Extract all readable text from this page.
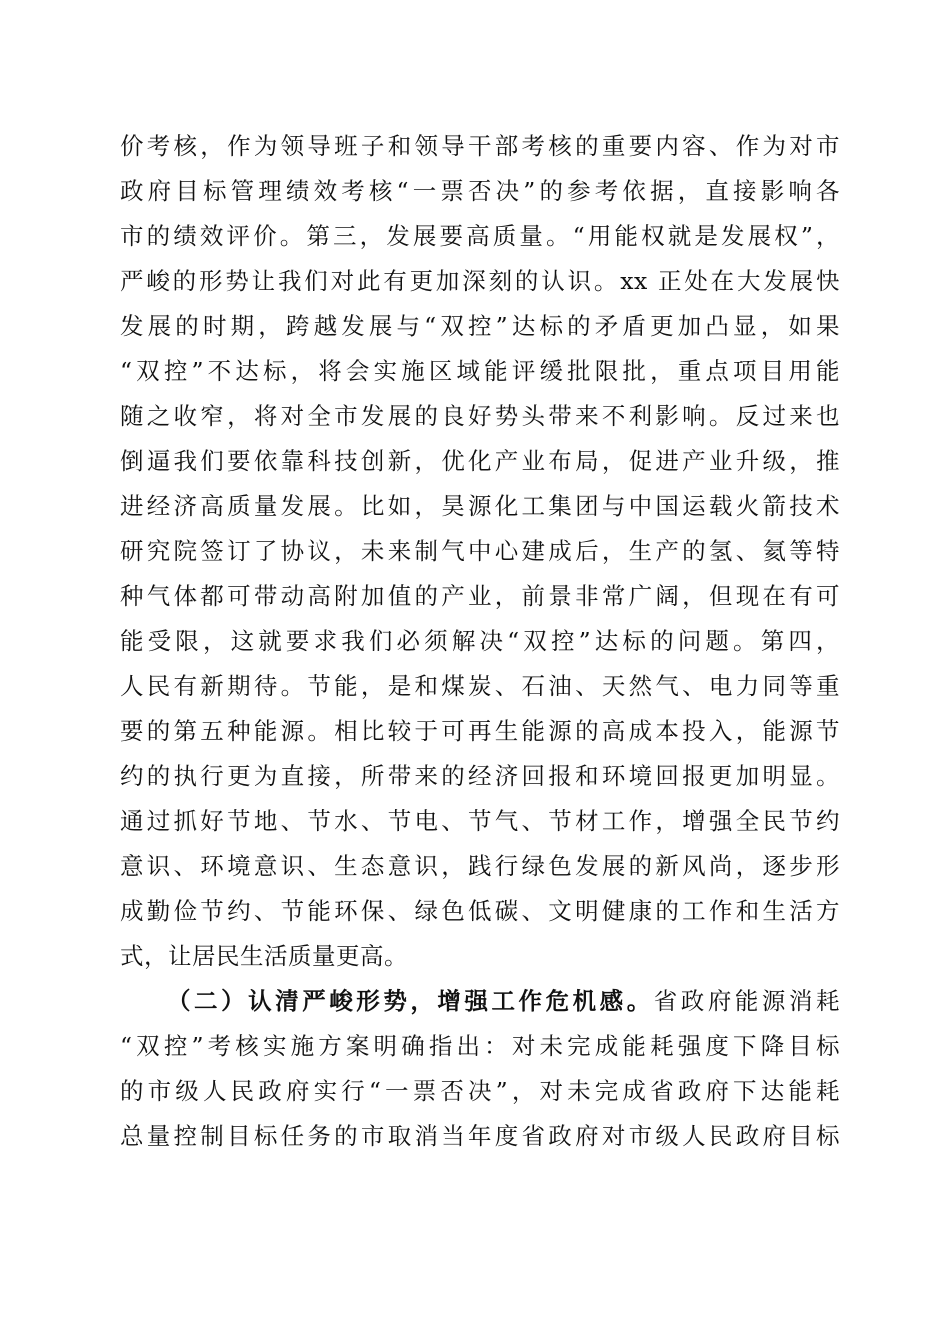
价考核，作为领导班子和领导干部考核的重要内容、作为对市
政府目标管理绩效考核“一票否决”的参考依据，直接影响各
市的绩效评价。第三，发展要高质量。“用能权就是发展权”，
严峻的形势让我们对此有更加深刻的认识。xx 正处在大发展快
发展的时期，跨越发展与“双控”达标的矛盾更加凸显，如果
“双控”不达标，将会实施区域能评缓批限批，重点项目用能
随之收窄，将对全市发展的良好势头带来不利影响。反过来也
倒逼我们要依靠科技创新，优化产业布局，促进产业升级，推
进经济高质量发展。比如，昊源化工集团与中国运载火箭技术
研究院签订了协议，未来制气中心建成后，生产的氢、氦等特
种气体都可带动高附加值的产业，前景非常广阔，但现在有可
能受限，这就要求我们必须解决“双控”达标的问题。第四，
人民有新期待。节能，是和煤炭、石油、天然气、电力同等重
要的第五种能源。相比较于可再生能源的高成本投入，能源节
约的执行更为直接，所带来的经济回报和环境回报更加明显。
通过抓好节地、节水、节电、节气、节材工作，增强全民节约
意识、环境意识、生态意识，践行绿色发展的新风尚，逐步形
成勤俭节约、节能环保、绿色低碳、文明健康的工作和生活方
式，让居民生活质量更高。
（二）认清严峻形势，增强工作危机感。省政府能源消耗
“双控”考核实施方案明确指出：对未完成能耗强度下降目标
的市级人民政府实行“一票否决”，对未完成省政府下达能耗
总量控制目标任务的市取消当年度省政府对市级人民政府目标
